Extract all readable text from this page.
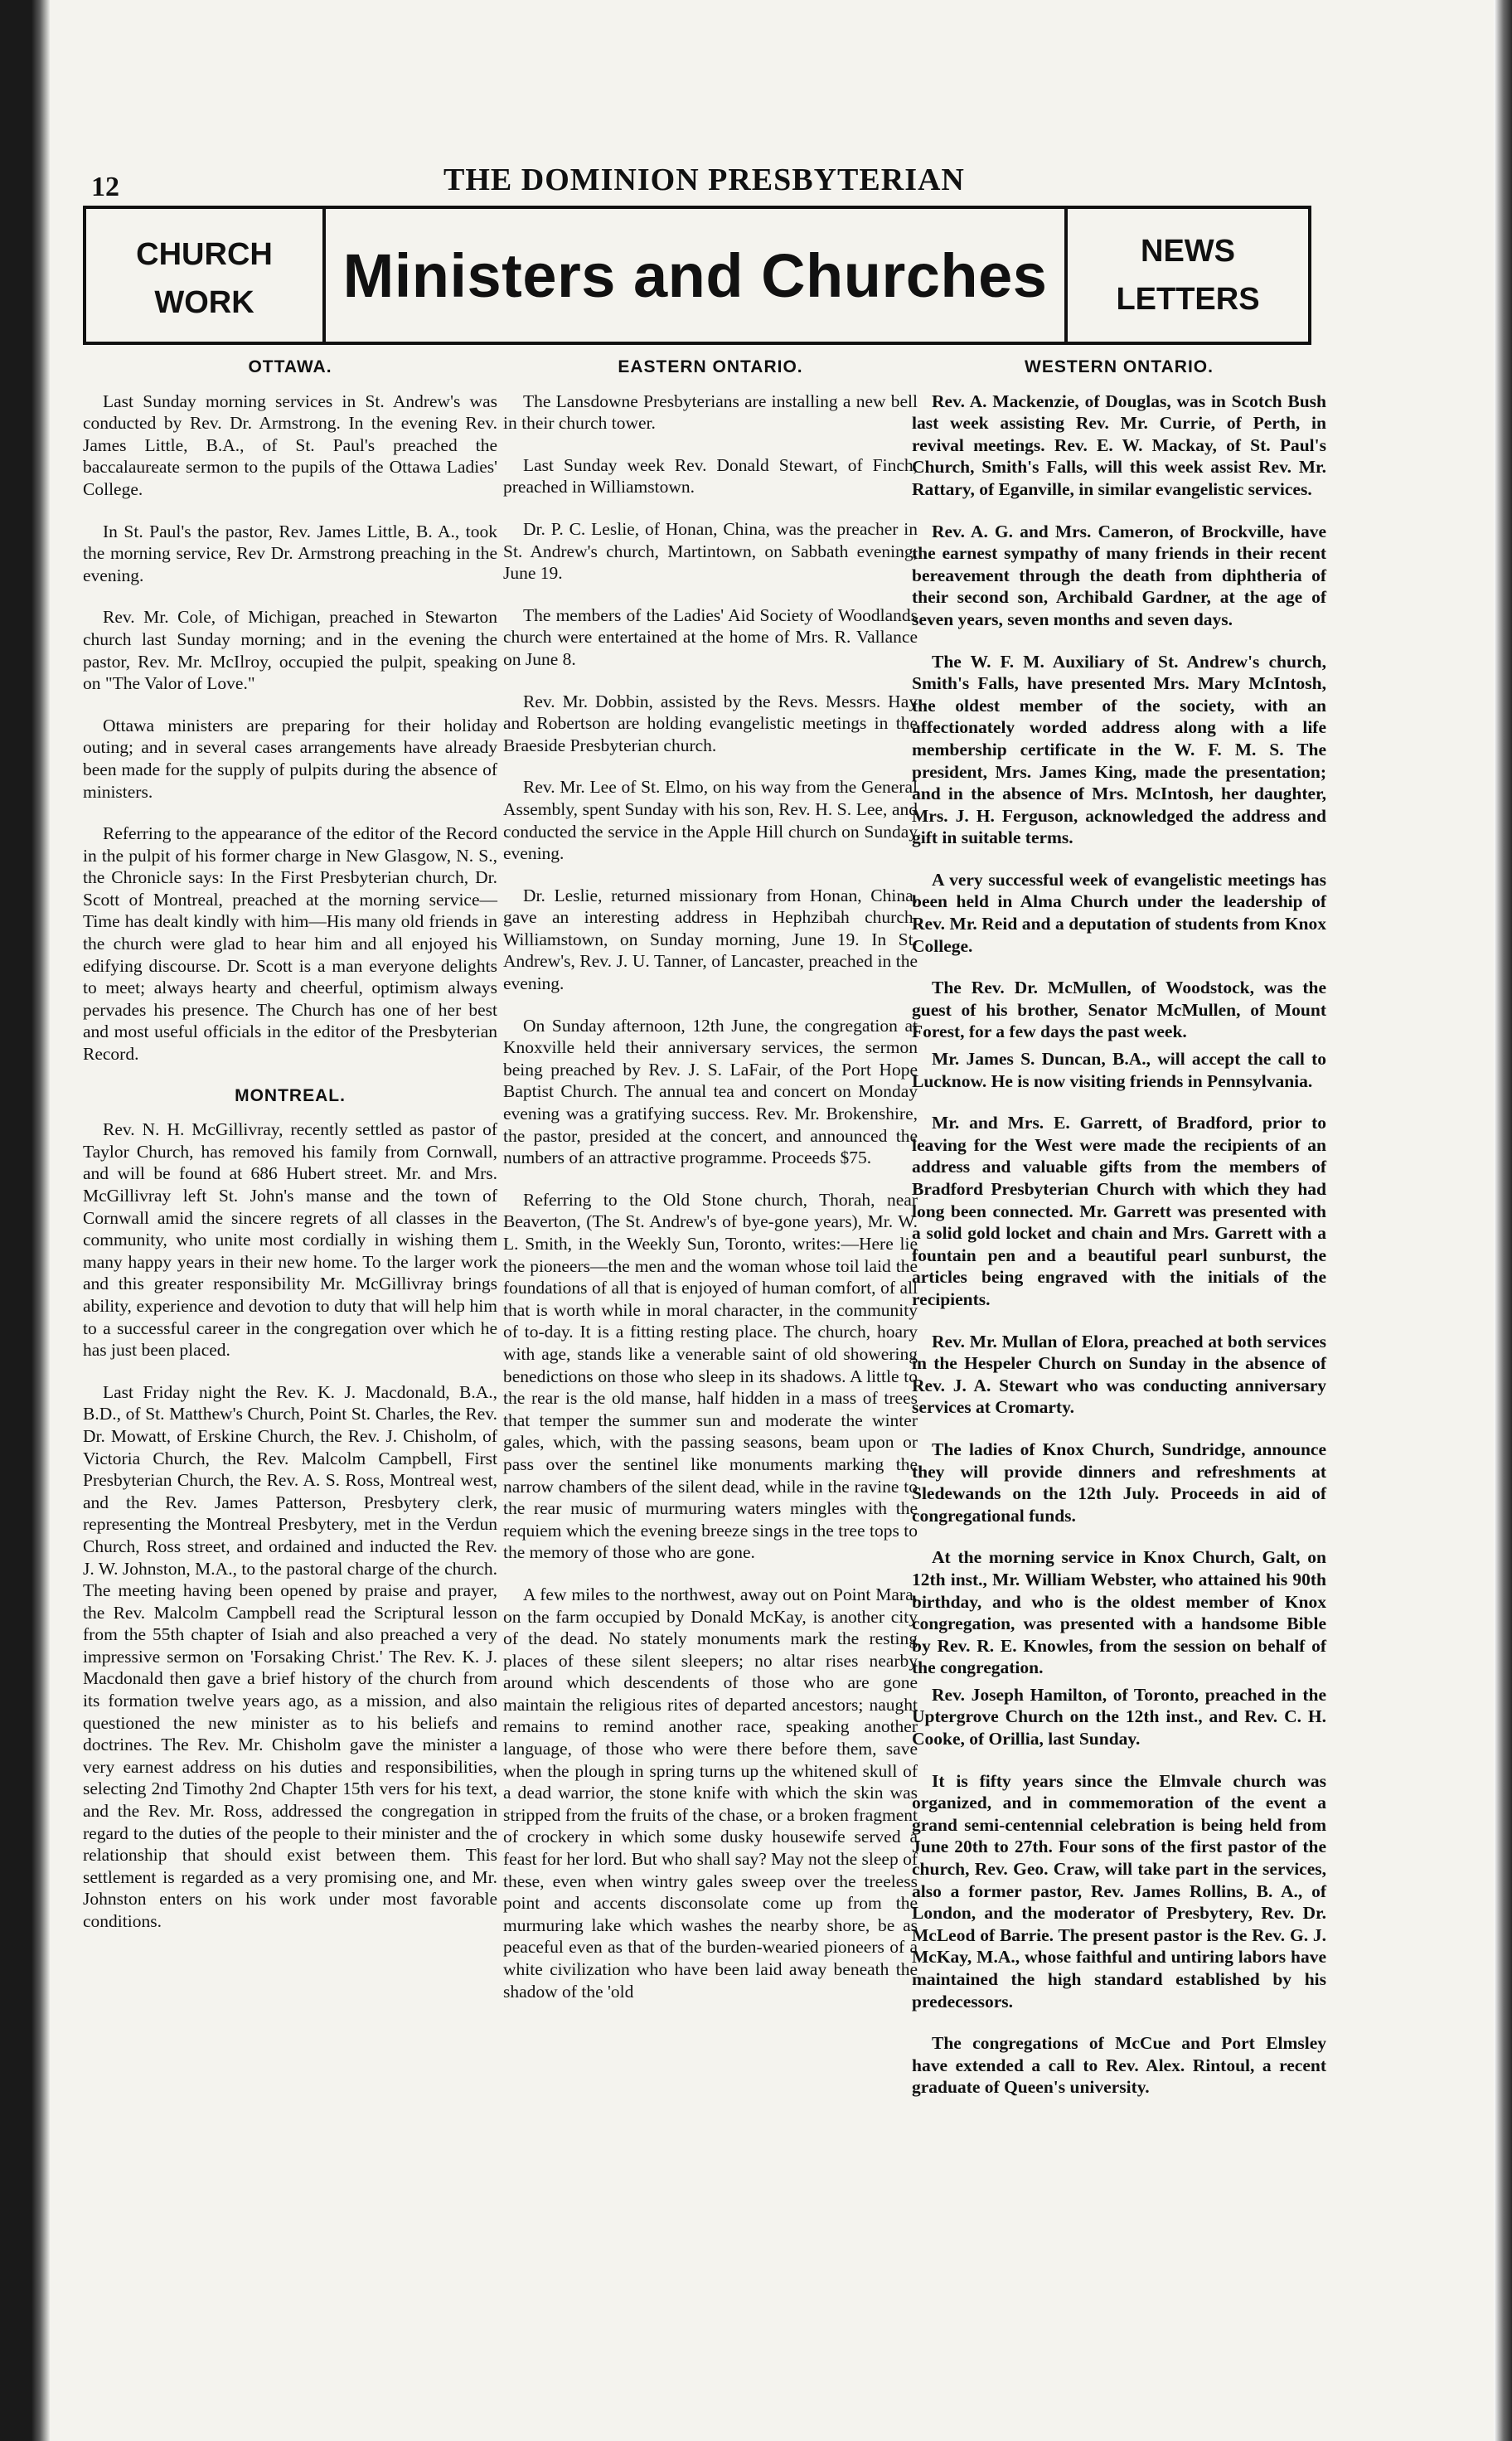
12	THE DOMINION PRESBYTERIAN
CHURCH
WORK Ministers and Churches	NEWS
LETTERS
OTTAWA.

Last Sunday morning services in St. Andrew's was conducted by Rev. Dr. Armstrong. In the evening Rev. James Little, B.A., of St. Paul's preached the baccalaureate sermon to the pupils of the Ottawa Ladies' College.

In St. Paul's the pastor, Rev. James Little, B. A., took the morning service, Rev Dr. Armstrong preaching in the evening.

Rev. Mr. Cole, of Michigan, preached in Stewarton church last Sunday morning; and in the evening the pastor, Rev. Mr. McIlroy, occupied the pulpit, speaking on "The Valor of Love."

Ottawa ministers are preparing for their holiday outing; and in several cases arrangements have already been made for the supply of pulpits during the absence of ministers.

Referring to the appearance of the editor of the Record in the pulpit of his former charge in New Glasgow, N. S., the Chronicle says: In the First Presbyterian church, Dr. Scott of Montreal, preached at the morning service—Time has dealt kindly with him—His many old friends in the church were glad to hear him and all enjoyed his edifying discourse. Dr. Scott is a man everyone delights to meet; always hearty and cheerful, optimism always pervades his presence. The Church has one of her best and most useful officials in the editor of the Presbyterian Record.

MONTREAL.

Rev. N. H. McGillivray, recently settled as pastor of Taylor Church, has removed his family from Cornwall, and will be found at 686 Hubert street. Mr. and Mrs. McGillivray left St. John's manse and the town of Cornwall amid the sincere regrets of all classes in the community, who unite most cordially in wishing them many happy years in their new home. To the larger work and this greater responsibility Mr. McGillivray brings ability, experience and devotion to duty that will help him to a successful career in the congregation over which he has just been placed.

Last Friday night the Rev. K. J. Macdonald, B.A., B.D., of St. Matthew's Church, Point St. Charles, the Rev. Dr. Mowatt, of Erskine Church, the Rev. J. Chisholm, of Victoria Church, the Rev. Malcolm Campbell, First Presbyterian Church, the Rev. A. S. Ross, Montreal west, and the Rev. James Patterson, Presbytery clerk, representing the Montreal Presbytery, met in the Verdun Church, Ross street, and ordained and inducted the Rev. J. W. Johnston, M.A., to the pastoral charge of the church. The meeting having been opened by praise and prayer, the Rev. Malcolm Campbell read the Scriptural lesson from the 55th chapter of Isiah and also preached a very impressive sermon on 'Forsaking Christ.' The Rev. K. J. Macdonald then gave a brief history of the church from its formation twelve years ago, as a mission, and also questioned the new minister as to his beliefs and doctrines. The Rev. Mr. Chisholm gave the minister a very earnest address on his duties and responsibilities, selecting 2nd Timothy 2nd Chapter 15th vers for his text, and the Rev. Mr. Ross, addressed the congregation in regard to the duties of the people to their minister and the relationship that should exist between them. This settlement is regarded as a very promising one, and Mr. Johnston enters on his work under most favorable conditions.

EASTERN ONTARIO.

The Lansdowne Presbyterians are installing a new bell in their church tower.

Last Sunday week Rev. Donald Stewart, of Finch, preached in Williamstown.

Dr. P. C. Leslie, of Honan, China, was the preacher in St. Andrew's church, Martintown, on Sabbath evening, June 19.

The members of the Ladies' Aid Society of Woodlands church were entertained at the home of Mrs. R. Vallance on June 8.

Rev. Mr. Dobbin, assisted by the Revs. Messrs. Hay and Robertson are holding evangelistic meetings in the Braeside Presbyterian church.

Rev. Mr. Lee of St. Elmo, on his way from the General Assembly, spent Sunday with his son, Rev. H. S. Lee, and conducted the service in the Apple Hill church on Sunday evening.

Dr. Leslie, returned missionary from Honan, China, gave an interesting address in Hephzibah church, Williamstown, on Sunday morning, June 19. In St. Andrew's, Rev. J. U. Tanner, of Lancaster, preached in the evening.

On Sunday afternoon, 12th June, the congregation at Knoxville held their anniversary services, the sermon being preached by Rev. J. S. LaFair, of the Port Hope Baptist Church. The annual tea and concert on Monday evening was a gratifying success. Rev. Mr. Brokenshire, the pastor, presided at the concert, and announced the numbers of an attractive programme. Proceeds $75.

Referring to the Old Stone church, Thorah, near Beaverton, (The St. Andrew's of bye-gone years), Mr. W. L. Smith, in the Weekly Sun, Toronto, writes:—Here lie the pioneers—the men and the woman whose toil laid the foundations of all that is enjoyed of human comfort, of all that is worth while in moral character, in the community of to-day. It is a fitting resting place. The church, hoary with age, stands like a venerable saint of old showering benedictions on those who sleep in its shadows. A little to the rear is the old manse, half hidden in a mass of trees that temper the summer sun and moderate the winter gales, which, with the passing seasons, beam upon or pass over the sentinel like monuments marking the narrow chambers of the silent dead, while in the ravine to the rear music of murmuring waters mingles with the requiem which the evening breeze sings in the tree tops to the memory of those who are gone.

A few miles to the northwest, away out on Point Mara, on the farm occupied by Donald McKay, is another city of the dead. No stately monuments mark the resting places of these silent sleepers; no altar rises nearby around which descendents of those who are gone maintain the religious rites of departed ancestors; naught remains to remind another race, speaking another language, of those who were there before them, save when the plough in spring turns up the whitened skull of a dead warrior, the stone knife with which the skin was stripped from the fruits of the chase, or a broken fragment of crockery in which some dusky housewife served a feast for her lord. But who shall say? May not the sleep of these, even when wintry gales sweep over the treeless point and accents disconsolate come up from the murmuring lake which washes the nearby shore, be as peaceful even as that of the burden-wearied pioneers of a white civilization who have been laid away beneath the shadow of the 'old

WESTERN ONTARIO.

Rev. A. Mackenzie, of Douglas, was in Scotch Bush last week assisting Rev. Mr. Currie, of Perth, in revival meetings. Rev. E. W. Mackay, of St. Paul's Church, Smith's Falls, will this week assist Rev. Mr. Rattary, of Eganville, in similar evangelistic services.

Rev. A. G. and Mrs. Cameron, of Brockville, have the earnest sympathy of many friends in their recent bereavement through the death from diphtheria of their second son, Archibald Gardner, at the age of seven years, seven months and seven days.

The W. F. M. Auxiliary of St. Andrew's church, Smith's Falls, have presented Mrs. Mary McIntosh, the oldest member of the society, with an affectionately worded address along with a life membership certificate in the W. F. M. S. The president, Mrs. James King, made the presentation; and in the absence of Mrs. McIntosh, her daughter, Mrs. J. H. Ferguson, acknowledged the address and gift in suitable terms.

A very successful week of evangelistic meetings has been held in Alma Church under the leadership of Rev. Mr. Reid and a deputation of students from Knox College.

The Rev. Dr. McMullen, of Woodstock, was the guest of his brother, Senator McMullen, of Mount Forest, for a few days the past week.

Mr. James S. Duncan, B.A., will accept the call to Lucknow. He is now visiting friends in Pennsylvania.

Mr. and Mrs. E. Garrett, of Bradford, prior to leaving for the West were made the recipients of an address and valuable gifts from the members of Bradford Presbyterian Church with which they had long been connected. Mr. Garrett was presented with a solid gold locket and chain and Mrs. Garrett with a fountain pen and a beautiful pearl sunburst, the articles being engraved with the initials of the recipients.

Rev. Mr. Mullan of Elora, preached at both services in the Hespeler Church on Sunday in the absence of Rev. J. A. Stewart who was conducting anniversary services at Cromarty.

The ladies of Knox Church, Sundridge, announce they will provide dinners and refreshments at Sledewands on the 12th July. Proceeds in aid of congregational funds.

At the morning service in Knox Church, Galt, on 12th inst., Mr. William Webster, who attained his 90th birthday, and who is the oldest member of Knox congregation, was presented with a handsome Bible by Rev. R. E. Knowles, from the session on behalf of the congregation.

Rev. Joseph Hamilton, of Toronto, preached in the Uptergrove Church on the 12th inst., and Rev. C. H. Cooke, of Orillia, last Sunday.

It is fifty years since the Elmvale church was organized, and in commemoration of the event a grand semi-centennial celebration is being held from June 20th to 27th. Four sons of the first pastor of the church, Rev. Geo. Craw, will take part in the services, also a former pastor, Rev. James Rollins, B. A., of London, and the moderator of Presbytery, Rev. Dr. McLeod of Barrie. The present pastor is the Rev. G. J. McKay, M.A., whose faithful and untiring labors have maintained the high standard established by his predecessors.

The congregations of McCue and Port Elmsley have extended a call to Rev. Alex. Rintoul, a recent graduate of Queen's university.
